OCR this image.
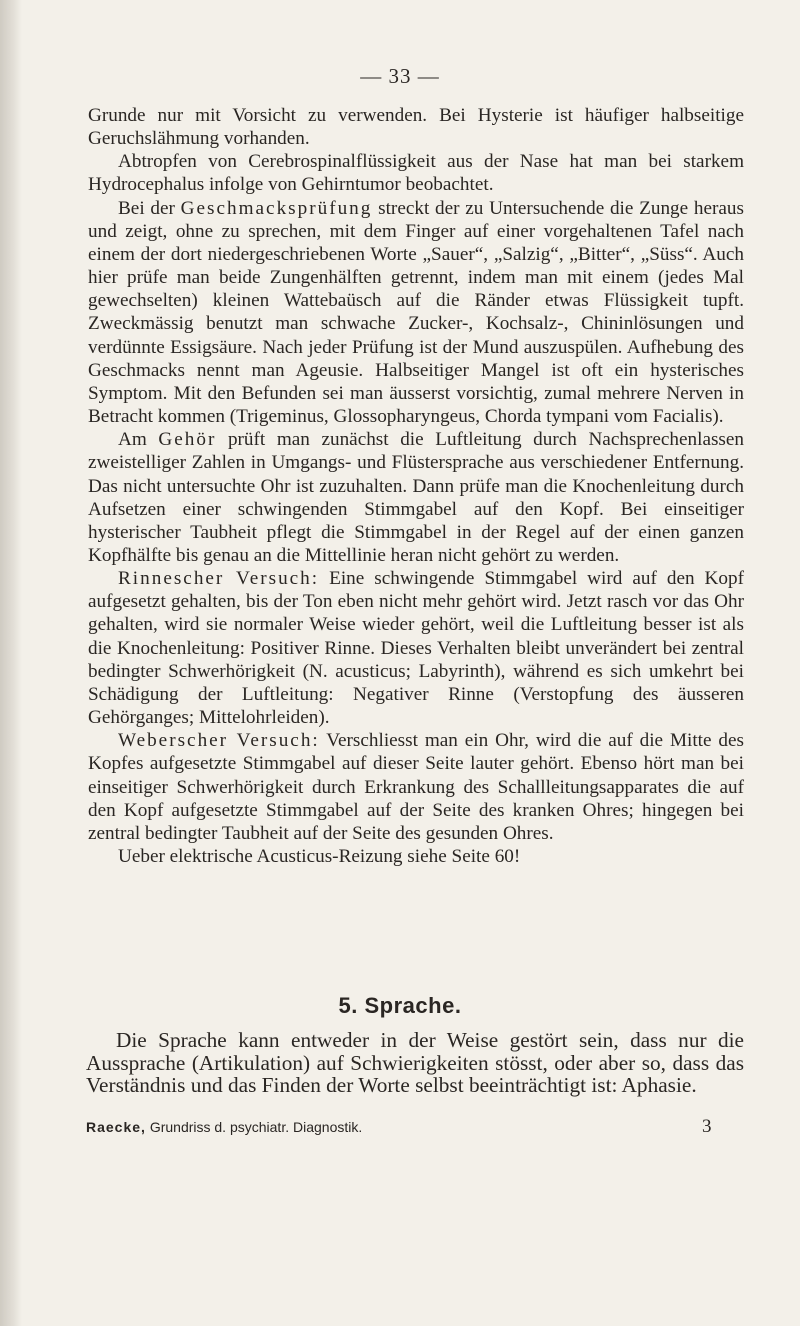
— 33 —

Grunde nur mit Vorsicht zu verwenden. Bei Hysterie ist häufiger halbseitige Geruchslähmung vorhanden.

Abtropfen von Cerebrospinalflüssigkeit aus der Nase hat man bei starkem Hydrocephalus infolge von Gehirntumor beobachtet.

Bei der Geschmacksprüfung streckt der zu Untersuchende die Zunge heraus und zeigt, ohne zu sprechen, mit dem Finger auf einer vorgehaltenen Tafel nach einem der dort niedergeschriebenen Worte „Sauer“, „Salzig“, „Bitter“, „Süss“. Auch hier prüfe man beide Zungenhälften getrennt, indem man mit einem (jedes Mal gewechselten) kleinen Wattebaüsch auf die Ränder etwas Flüssigkeit tupft. Zweckmässig benutzt man schwache Zucker-, Kochsalz-, Chininlösungen und verdünnte Essigsäure. Nach jeder Prüfung ist der Mund auszuspülen. Aufhebung des Geschmacks nennt man Ageusie. Halbseitiger Mangel ist oft ein hysterisches Symptom. Mit den Befunden sei man äusserst vorsichtig, zumal mehrere Nerven in Betracht kommen (Trigeminus, Glossopharyngeus, Chorda tympani vom Facialis).

Am Gehör prüft man zunächst die Luftleitung durch Nachsprechenlassen zweistelliger Zahlen in Umgangs- und Flüstersprache aus verschiedener Entfernung. Das nicht untersuchte Ohr ist zuzuhalten. Dann prüfe man die Knochenleitung durch Aufsetzen einer schwingenden Stimmgabel auf den Kopf. Bei einseitiger hysterischer Taubheit pflegt die Stimmgabel in der Regel auf der einen ganzen Kopfhälfte bis genau an die Mittellinie heran nicht gehört zu werden.

Rinnescher Versuch: Eine schwingende Stimmgabel wird auf den Kopf aufgesetzt gehalten, bis der Ton eben nicht mehr gehört wird. Jetzt rasch vor das Ohr gehalten, wird sie normaler Weise wieder gehört, weil die Luftleitung besser ist als die Knochenleitung: Positiver Rinne. Dieses Verhalten bleibt unverändert bei zentral bedingter Schwerhörigkeit (N. acusticus; Labyrinth), während es sich umkehrt bei Schädigung der Luftleitung: Negativer Rinne (Verstopfung des äusseren Gehörganges; Mittelohrleiden).

Weberscher Versuch: Verschliesst man ein Ohr, wird die auf die Mitte des Kopfes aufgesetzte Stimmgabel auf dieser Seite lauter gehört. Ebenso hört man bei einseitiger Schwerhörigkeit durch Erkrankung des Schallleitungsapparates die auf den Kopf aufgesetzte Stimmgabel auf der Seite des kranken Ohres; hingegen bei zentral bedingter Taubheit auf der Seite des gesunden Ohres.

Ueber elektrische Acusticus-Reizung siehe Seite 60!

5. Sprache.

Die Sprache kann entweder in der Weise gestört sein, dass nur die Aussprache (Artikulation) auf Schwierigkeiten stösst, oder aber so, dass das Verständnis und das Finden der Worte selbst beeinträchtigt ist: Aphasie.

Raecke, Grundriss d. psychiatr. Diagnostik.	3
